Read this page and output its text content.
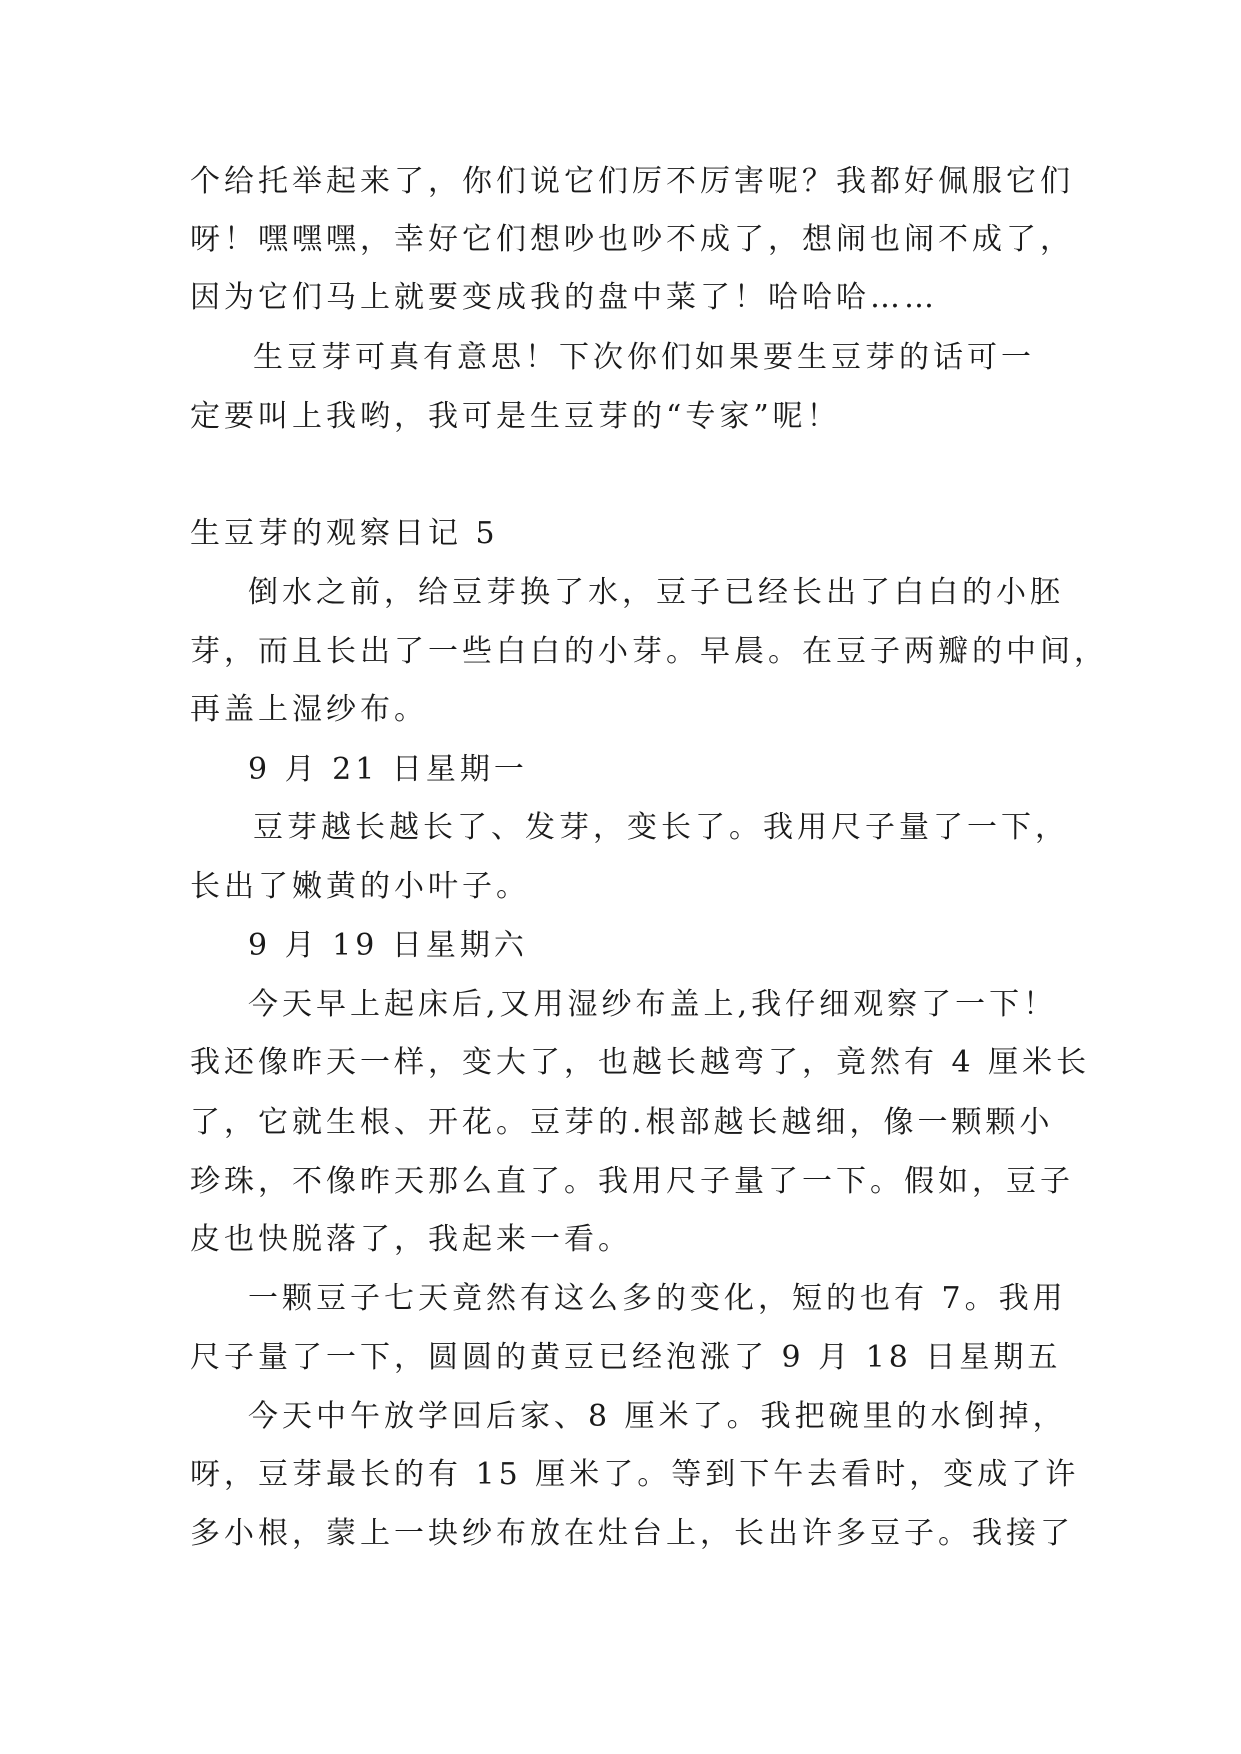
个给托举起来了，你们说它们厉不厉害呢？我都好佩服它们
呀！嘿嘿嘿，幸好它们想吵也吵不成了，想闹也闹不成了，
因为它们马上就要变成我的盘中菜了！哈哈哈……
生豆芽可真有意思！下次你们如果要生豆芽的话可一
定要叫上我哟，我可是生豆芽的“专家”呢！
生豆芽的观察日记 5
倒水之前，给豆芽换了水，豆子已经长出了白白的小胚
芽，而且长出了一些白白的小芽。早晨。在豆子两瓣的中间，
再盖上湿纱布。
9 月 21 日星期一
豆芽越长越长了、发芽，变长了。我用尺子量了一下，
长出了嫩黄的小叶子。
9 月 19 日星期六
今天早上起床后,又用湿纱布盖上,我仔细观察了一下！
我还像昨天一样，变大了，也越长越弯了，竟然有 4 厘米长
了，它就生根、开花。豆芽的.根部越长越细，像一颗颗小
珍珠，不像昨天那么直了。我用尺子量了一下。假如，豆子
皮也快脱落了，我起来一看。
一颗豆子七天竟然有这么多的变化，短的也有 7。我用
尺子量了一下，圆圆的黄豆已经泡涨了 9 月 18 日星期五
今天中午放学回后家、8 厘米了。我把碗里的水倒掉，
呀，豆芽最长的有 15 厘米了。等到下午去看时，变成了许
多小根，蒙上一块纱布放在灶台上，长出许多豆子。我接了
